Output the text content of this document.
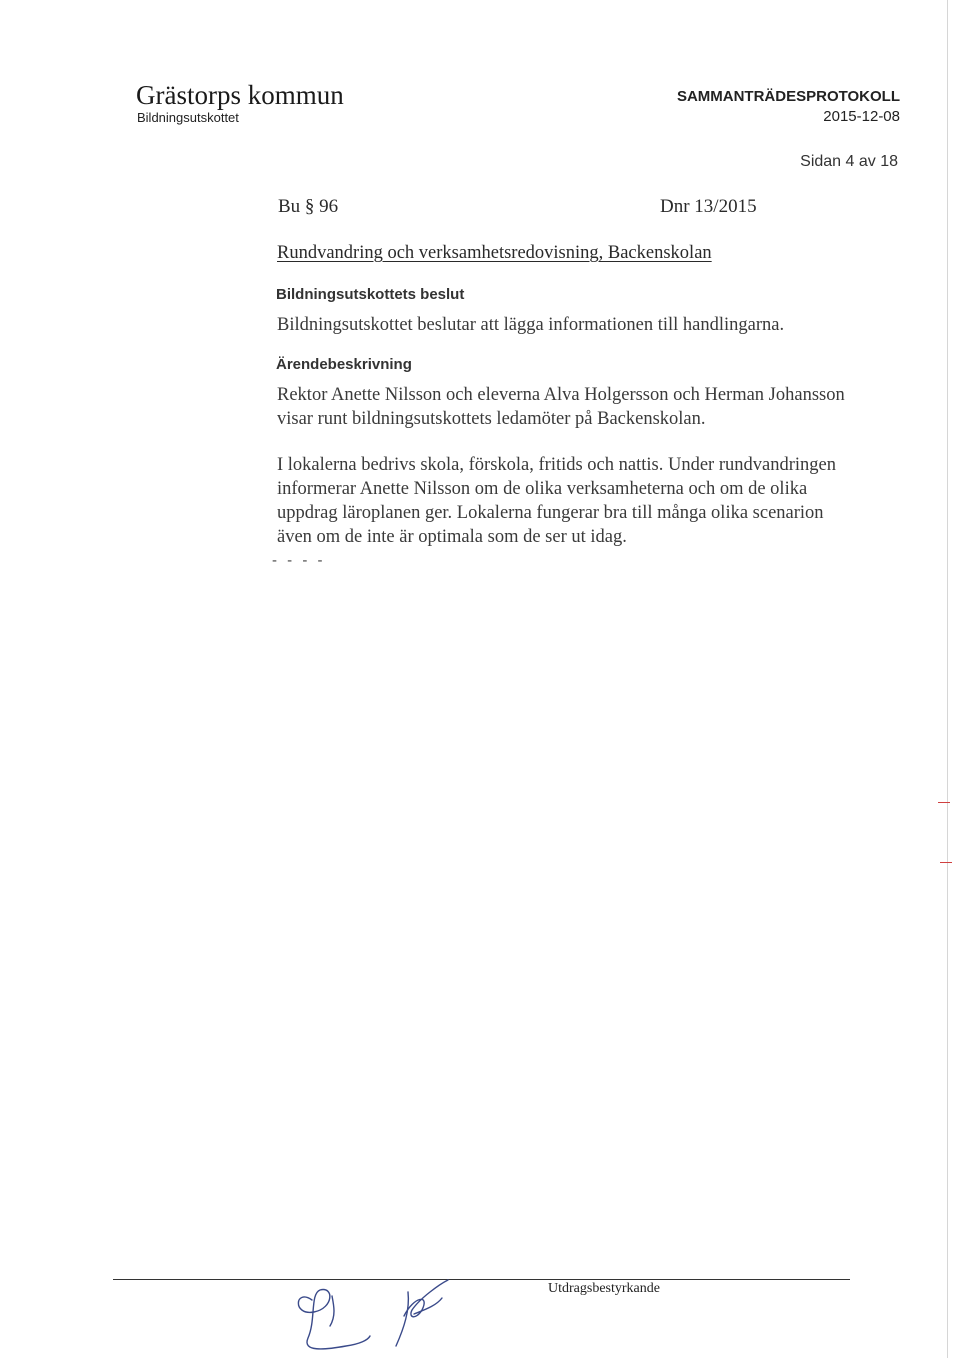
Grästorps kommun
Bildningsutskottet
SAMMANTRÄDESPROTOKOLL
2015-12-08
Sidan 4 av 18
Bu § 96	Dnr 13/2015
Rundvandring och verksamhetsredovisning, Backenskolan
Bildningsutskottets beslut

Bildningsutskottet beslutar att lägga informationen till handlingarna.

Ärendebeskrivning

Rektor Anette Nilsson och eleverna Alva Holgersson och Herman Johansson visar runt bildningsutskottets ledamöter på Backenskolan.

I lokalerna bedrivs skola, förskola, fritids och nattis. Under rundvandringen informerar Anette Nilsson om de olika verksamheterna och om de olika uppdrag läroplanen ger. Lokalerna fungerar bra till många olika scenarion även om de inte är optimala som de ser ut idag.

- - - -
Utdragsbestyrkande
